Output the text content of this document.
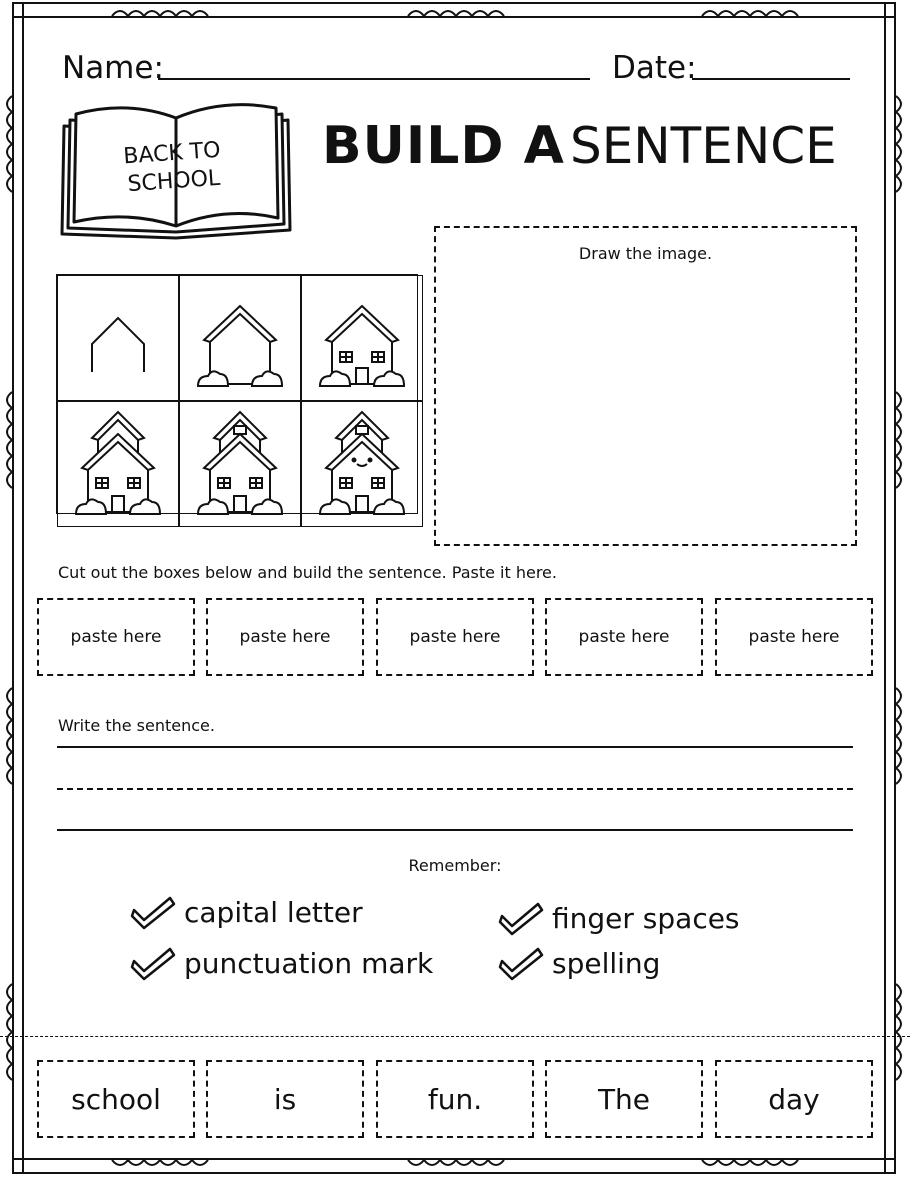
Name:	Date:
BACK TO
SCHOOL
BUILD A SENTENCE
Draw the image.
Cut out the boxes below and build the sentence. Paste it here.
paste here	paste here	paste here	paste here	paste here
Write the sentence.
Remember:
capital letter
punctuation mark
finger spaces
spelling
school	is	fun.	The	day
